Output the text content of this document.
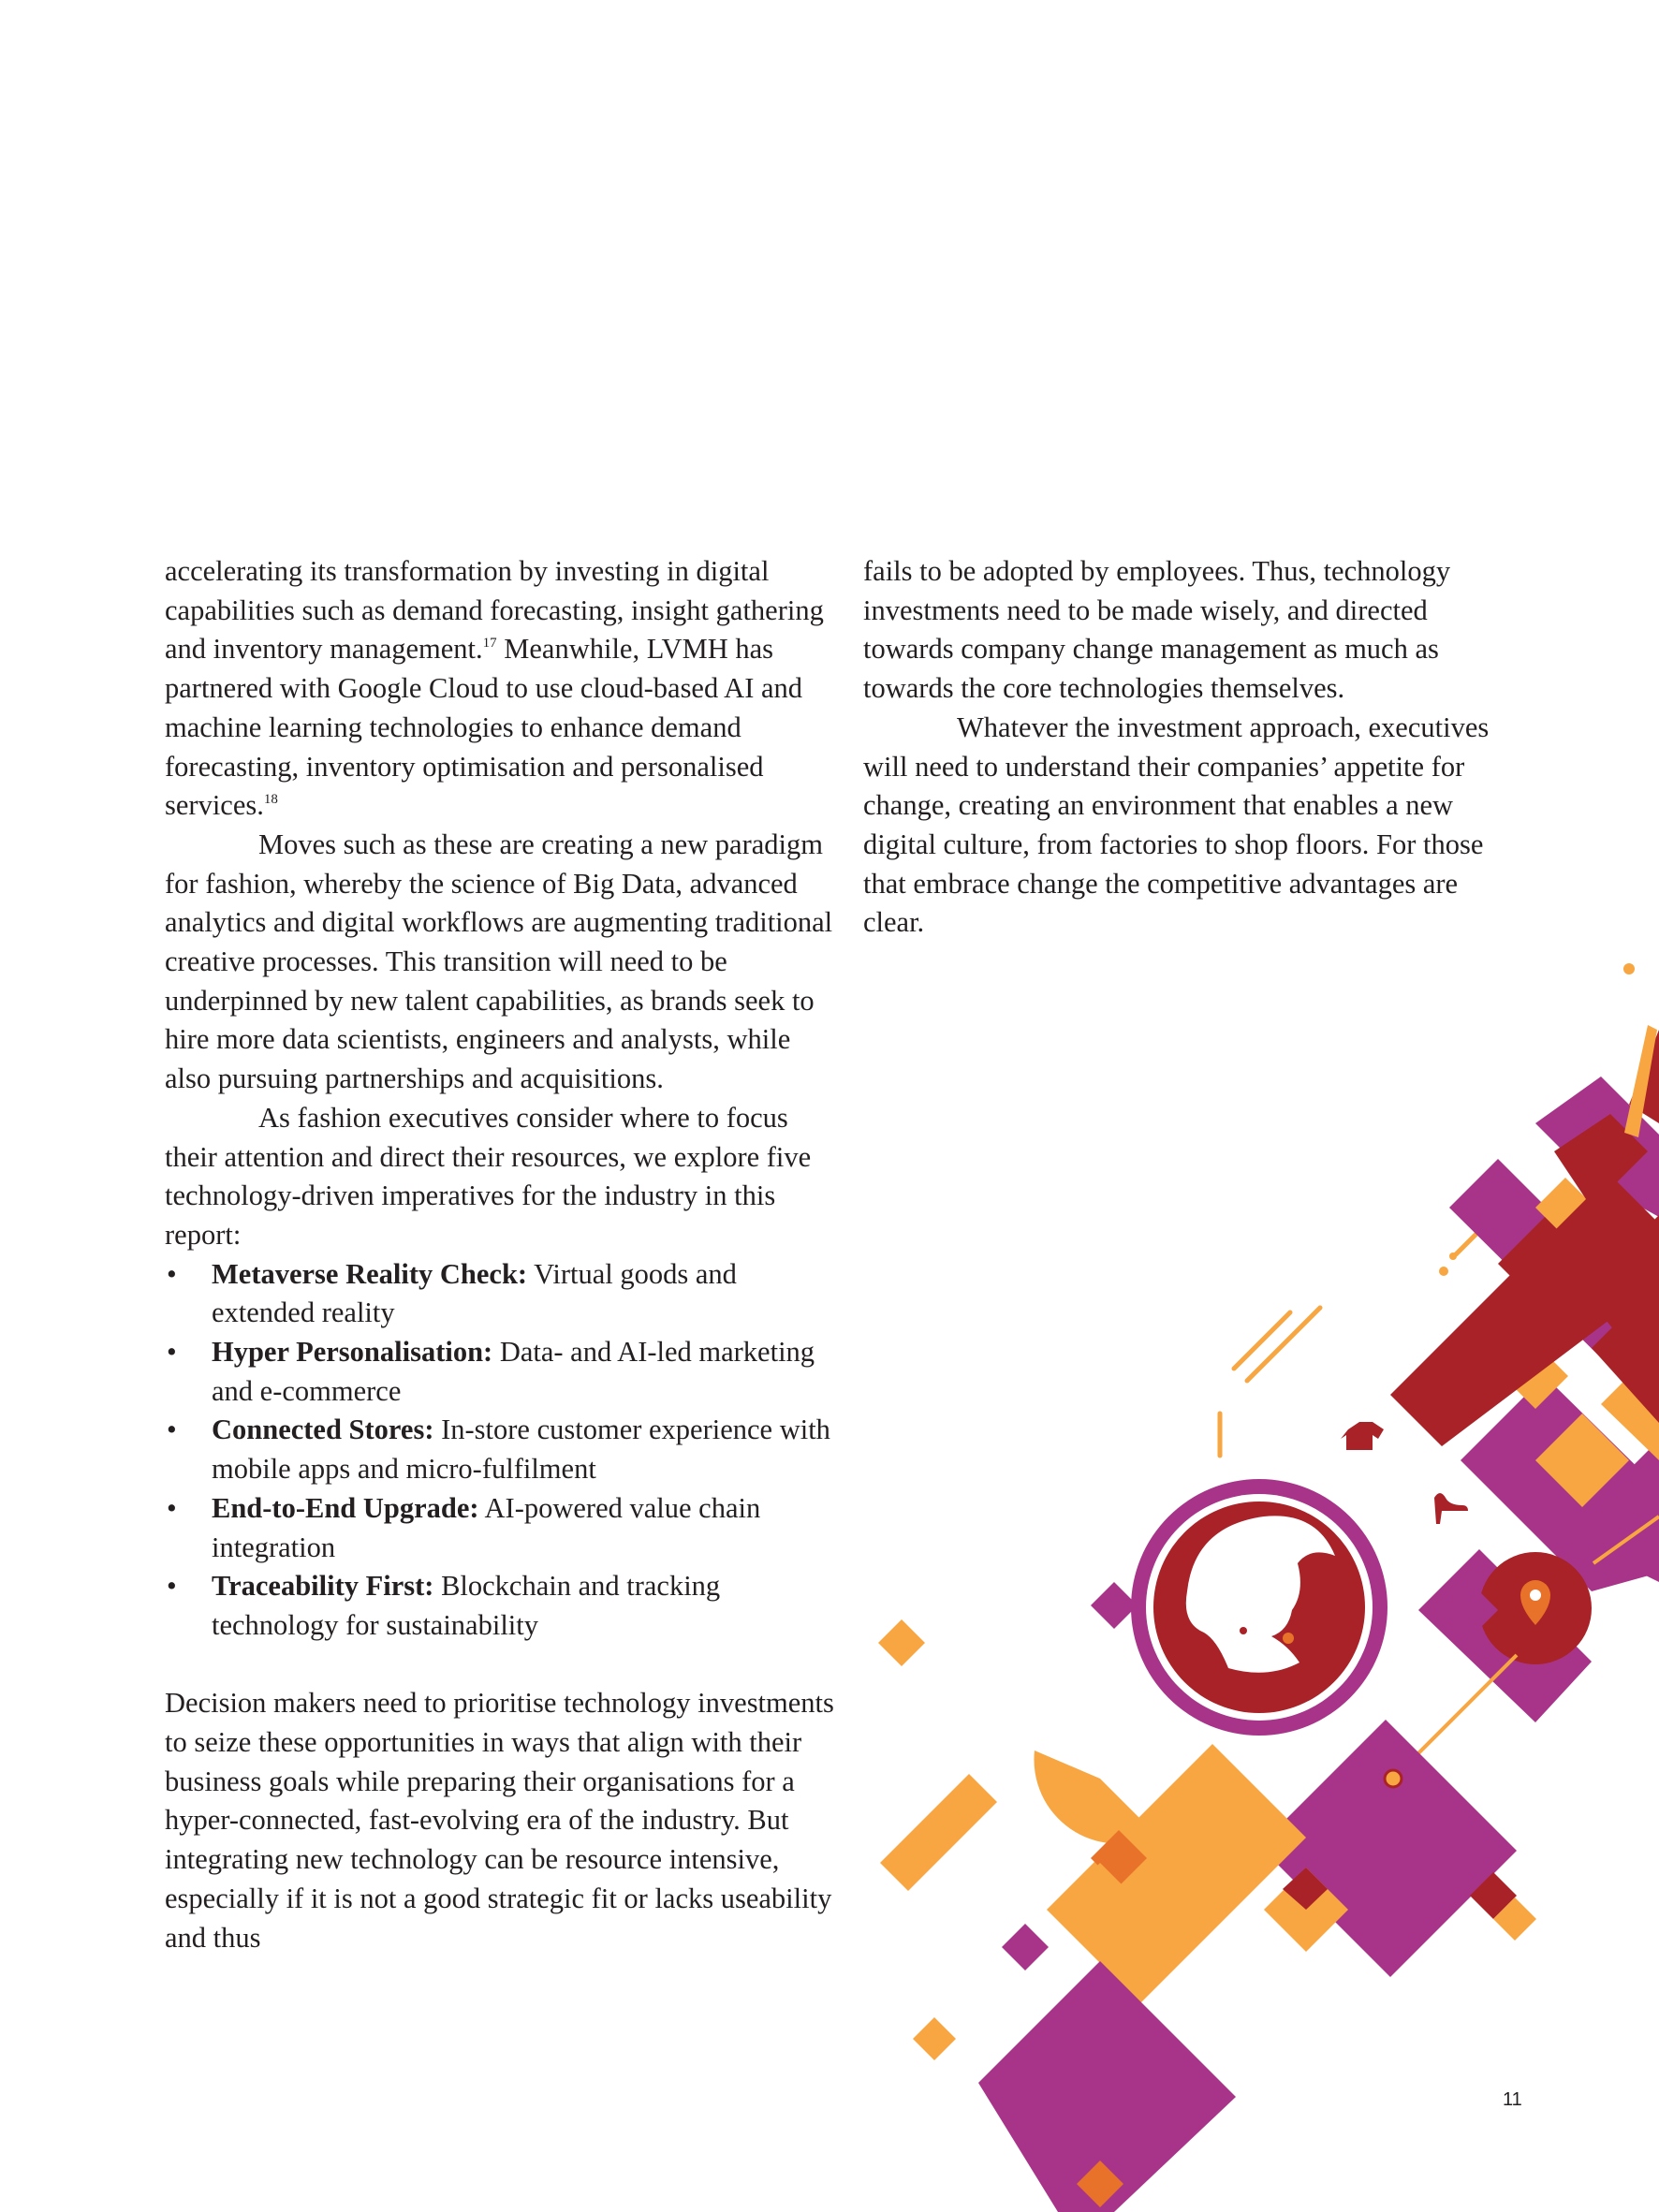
accelerating its transformation by investing in digital capabilities such as demand forecasting, insight gathering and inventory management.$^{17}$ Meanwhile, LVMH has partnered with Google Cloud to use cloud-based AI and machine learning technologies to enhance demand forecasting, inventory optimisation and personalised services.$^{18}$

Moves such as these are creating a new paradigm for fashion, whereby the science of Big Data, advanced analytics and digital workflows are augmenting traditional creative processes. This transition will need to be underpinned by new talent capabilities, as brands seek to hire more data scientists, engineers and analysts, while also pursuing partnerships and acquisitions.

As fashion executives consider where to focus their attention and direct their resources, we explore five technology-driven imperatives for the industry in this report:

• Metaverse Reality Check: Virtual goods and extended reality
• Hyper Personalisation: Data- and AI-led marketing and e-commerce
• Connected Stores: In-store customer experience with mobile apps and micro-fulfilment
• End-to-End Upgrade: AI-powered value chain integration
• Traceability First: Blockchain and tracking technology for sustainability

Decision makers need to prioritise technology investments to seize these opportunities in ways that align with their business goals while preparing their organisations for a hyper-connected, fast-evolving era of the industry. But integrating new technology can be resource intensive, especially if it is not a good strategic fit or lacks useability and thus

fails to be adopted by employees. Thus, technology investments need to be made wisely, and directed towards company change management as much as towards the core technologies themselves.

Whatever the investment approach, executives will need to understand their companies’ appetite for change, creating an environment that enables a new digital culture, from factories to shop floors. For those that embrace change the competitive advantages are clear.

11
